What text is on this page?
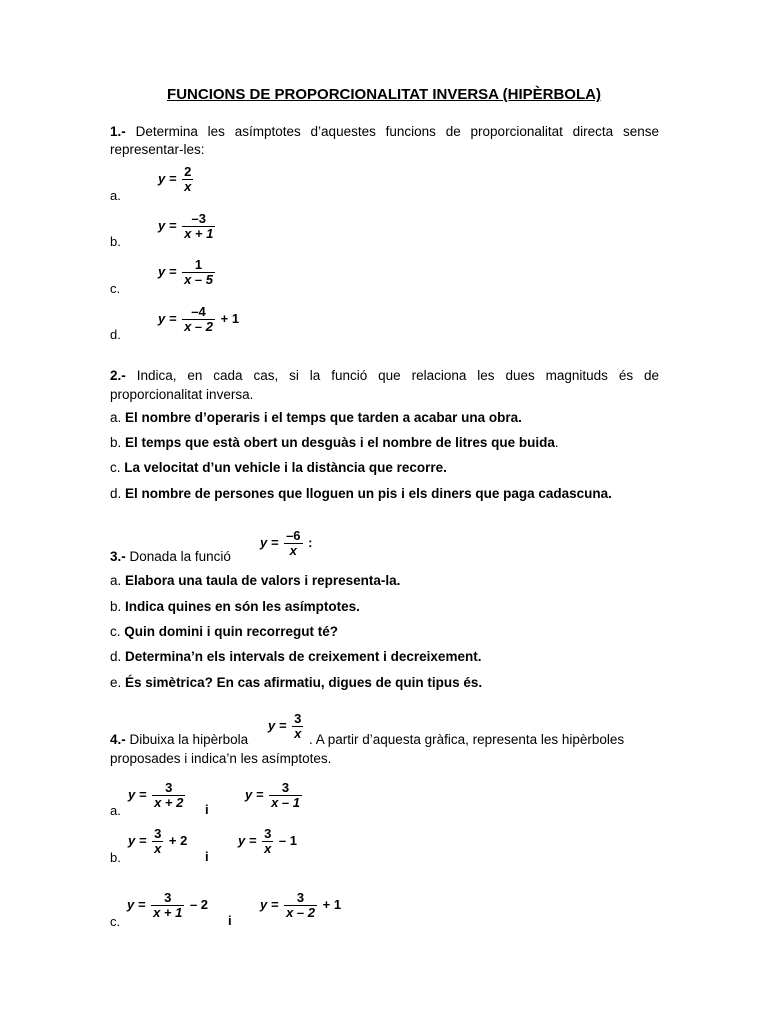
FUNCIONS DE PROPORCIONALITAT INVERSA (HIPÈRBOLA)
1.- Determina les asímptotes d’aquestes funcions de proporcionalitat directa sense
representar-les:
a.
$y = \frac{2}{x}$
b.
$y = \frac{-3}{x + 1}$
c.
$y = \frac{1}{x - 5}$
d.
$y = \frac{-4}{x - 2} + 1$
2.- Indica, en cada cas, si la funció que relaciona les dues magnituds és de
proporcionalitat inversa.
a. El nombre d’operaris i el temps que tarden a acabar una obra.
b. El temps que està obert un desguàs i el nombre de litres que buida.
c. La velocitat d’un vehicle i la distància que recorre.
d. El nombre de persones que lloguen un pis i els diners que paga cadascuna.
3.- Donada la funció
$y = \frac{-6}{x}$ :
a. Elabora una taula de valors i representa-la.
b. Indica quines en són les asímptotes.
c. Quin domini i quin recorregut té?
d. Determina’n els intervals de creixement i decreixement.
e. És simètrica? En cas afirmatiu, digues de quin tipus és.
4.- Dibuixa la hipèrbola
$y = \frac{3}{x}$ . A partir d’aquesta gràfica, representa les hipèrboles
proposades i indica’n les asímptotes.
a.
$y = \frac{3}{x + 2}$ i
$y = \frac{3}{x - 1}$
b.
$y = \frac{3}{x} + 2$
i
$y = \frac{3}{x} - 1$
c.
$y = \frac{3}{x + 1} - 2$
i
$y = \frac{3}{x - 2} + 1$
